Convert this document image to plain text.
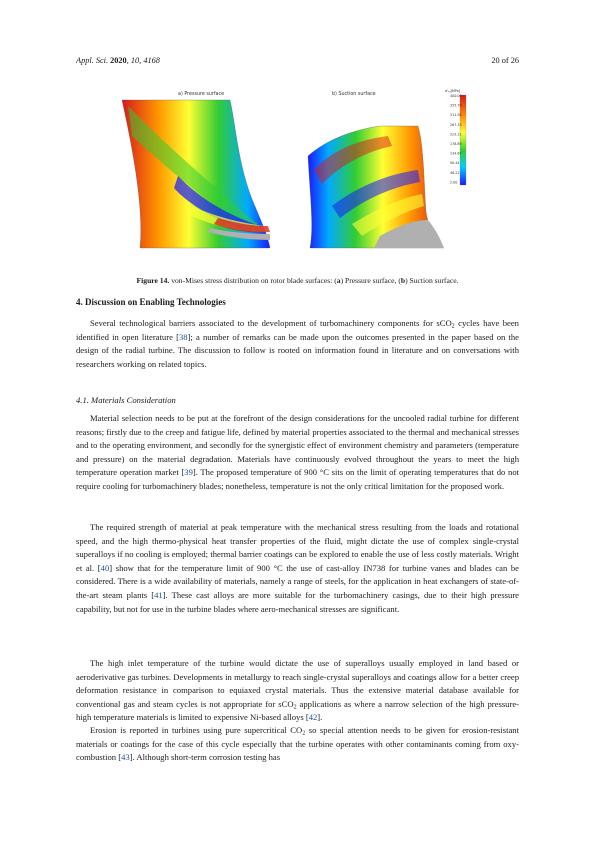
Appl. Sci. 2020, 10, 4168	20 of 26
a) Pressure surface	b) Suction surface
σ'ₑᵩ[MPa]
400.00
355.78
311.56
267.33
223.11
178.89
134.67
90.44
46.22
2.00
Figure 14. von-Mises stress distribution on rotor blade surfaces: (a) Pressure surface, (b) Suction surface.
4. Discussion on Enabling Technologies

Several technological barriers associated to the development of turbomachinery components for sCO$_2$ cycles have been identified in open literature [38]; a number of remarks can be made upon the outcomes presented in the paper based on the design of the radial turbine. The discussion to follow is rooted on information found in literature and on conversations with researchers working on related topics.

4.1. Materials Consideration

Material selection needs to be put at the forefront of the design considerations for the uncooled radial turbine for different reasons; firstly due to the creep and fatigue life, defined by material properties associated to the thermal and mechanical stresses and to the operating environment, and secondly for the synergistic effect of environment chemistry and parameters (temperature and pressure) on the material degradation. Materials have continuously evolved throughout the years to meet the high temperature operation market [39]. The proposed temperature of 900 °C sits on the limit of operating temperatures that do not require cooling for turbomachinery blades; nonetheless, temperature is not the only critical limitation for the proposed work.

The required strength of material at peak temperature with the mechanical stress resulting from the loads and rotational speed, and the high thermo-physical heat transfer properties of the fluid, might dictate the use of complex single-crystal superalloys if no cooling is employed; thermal barrier coatings can be explored to enable the use of less costly materials. Wright et al. [40] show that for the temperature limit of 900 °C the use of cast-alloy IN738 for turbine vanes and blades can be considered. There is a wide availability of materials, namely a range of steels, for the application in heat exchangers of state-of-the-art steam plants [41]. These cast alloys are more suitable for the turbomachinery casings, due to their high pressure capability, but not for use in the turbine blades where aero-mechanical stresses are significant.

The high inlet temperature of the turbine would dictate the use of superalloys usually employed in land based or aeroderivative gas turbines. Developments in metallurgy to reach single-crystal superalloys and coatings allow for a better creep deformation resistance in comparison to equiaxed crystal materials. Thus the extensive material database available for conventional gas and steam cycles is not appropriate for sCO$_2$ applications as where a narrow selection of the high pressure- high temperature materials is limited to expensive Ni-based alloys [42].

Erosion is reported in turbines using pure supercritical $CO_2$ so special attention needs to be given for erosion-resistant materials or coatings for the case of this cycle especially that the turbine operates with other contaminants coming from oxy-combustion [43]. Although short-term corrosion testing has
